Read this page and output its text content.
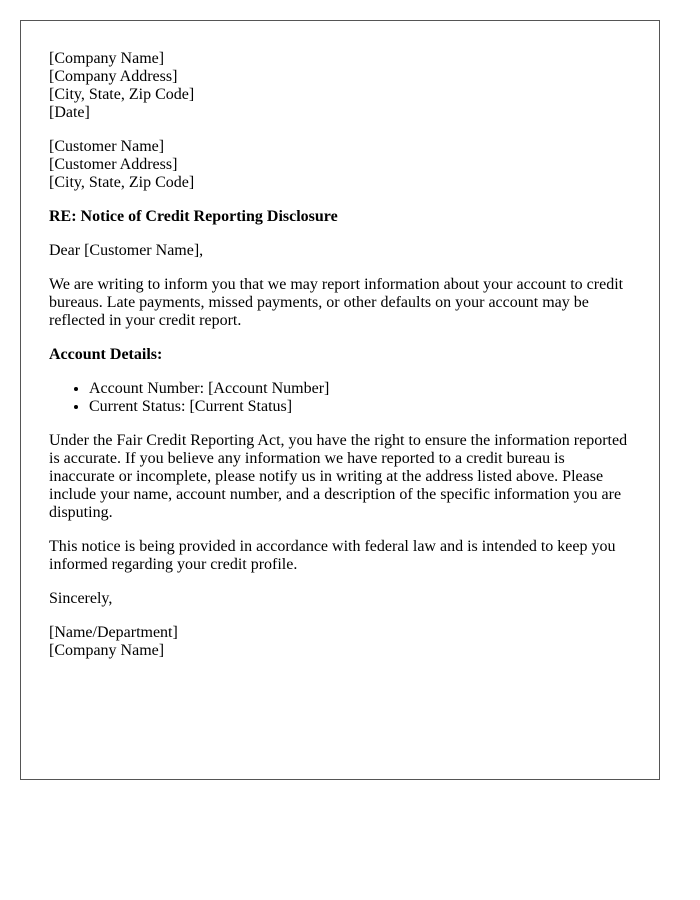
[Company Name]
[Company Address]
[City, State, Zip Code]
[Date]

[Customer Name]
[Customer Address]
[City, State, Zip Code]

RE: Notice of Credit Reporting Disclosure

Dear [Customer Name],

We are writing to inform you that we may report information about your account to credit bureaus. Late payments, missed payments, or other defaults on your account may be reflected in your credit report.

Account Details:

• Account Number: [Account Number]
• Current Status: [Current Status]

Under the Fair Credit Reporting Act, you have the right to ensure the information reported is accurate. If you believe any information we have reported to a credit bureau is inaccurate or incomplete, please notify us in writing at the address listed above. Please include your name, account number, and a description of the specific information you are disputing.

This notice is being provided in accordance with federal law and is intended to keep you informed regarding your credit profile.

Sincerely,

[Name/Department]
[Company Name]
